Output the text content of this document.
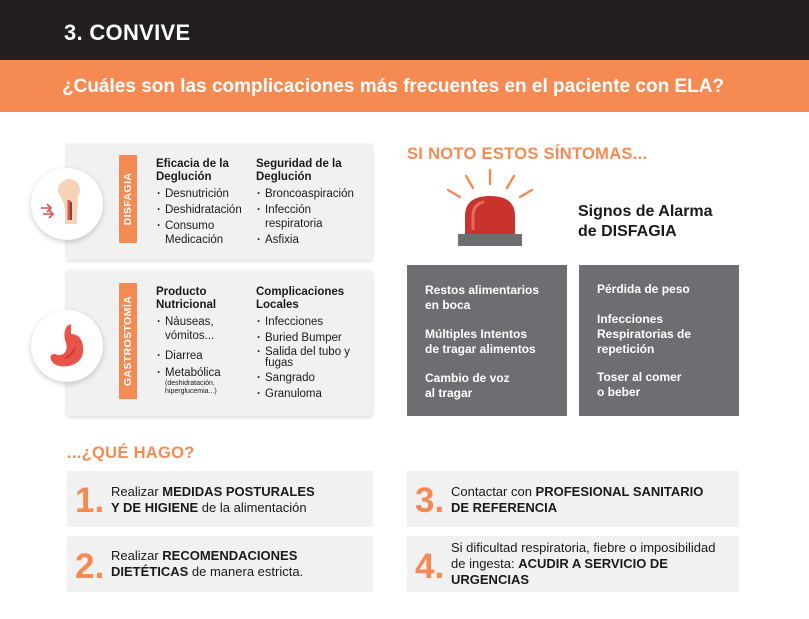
3. CONVIVE
¿Cuáles son las complicaciones más frecuentes en el paciente con ELA?
DISFAGIA
Eficacia de la
Deglución
· Desnutrición
· Deshidratación
· Consumo Medicación
Seguridad de la
Deglución
· Broncoaspiración
· Infección respiratoria
· Asfixia
GASTROSTOMÍA
Producto
Nutricional
· Náuseas, vómitos...
· Diarrea
· Metabólica
(deshidratación, hiperglucemia...)
Complicaciones
Locales
· Infecciones
· Buried Bumper
· Salida del tubo y fugas
· Sangrado
· Granuloma
SI NOTO ESTOS SÍNTOMAS...
Signos de Alarma
de DISFAGIA

Restos alimentarios
en boca

Múltiples Intentos
de tragar alimentos

Cambio de voz
al tragar

Pérdida de peso

Infecciones
Respiratorias de
repetición

Toser al comer
o beber

...¿QUÉ HAGO?
1. Realizar MEDIDAS POSTURALES
Y DE HIGIENE de la alimentación
2. Realizar RECOMENDACIONES
DIETÉTICAS de manera estricta.
3. Contactar con PROFESIONAL SANITARIO
DE REFERENCIA
4. Si dificultad respiratoria, fiebre o imposibilidad
de ingesta: ACUDIR A SERVICIO DE
URGENCIAS
